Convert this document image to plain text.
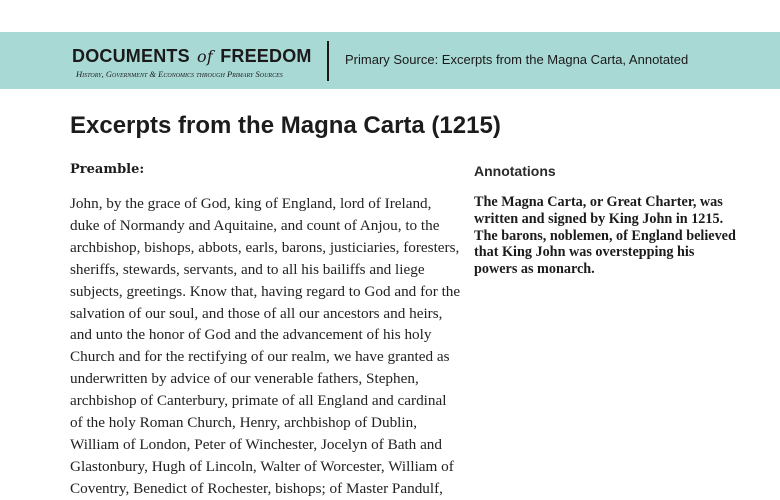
DOCUMENTS of FREEDOM
History, Government & Economics through Primary Sources
Primary Source: Excerpts from the Magna Carta, Annotated
Excerpts from the Magna Carta (1215)
Preamble:

John, by the grace of God, king of England, lord of Ireland, duke of Normandy and Aquitaine, and count of Anjou, to the archbishop, bishops, abbots, earls, barons, justiciaries, foresters, sheriffs, stewards, servants, and to all his bailiffs and liege subjects, greetings. Know that, having regard to God and for the salvation of our soul, and those of all our ancestors and heirs, and unto the honor of God and the advancement of his holy Church and for the rectifying of our realm, we have granted as underwritten by advice of our venerable fathers, Stephen, archbishop of Canterbury, primate of all England and cardinal of the holy Roman Church, Henry, archbishop of Dublin, William of London, Peter of Winchester, Jocelyn of Bath and Glastonbury, Hugh of Lincoln, Walter of Worcester, William of Coventry, Benedict of Rochester, bishops; of Master Pandulf,

Annotations

The Magna Carta, or Great Charter, was written and signed by King John in 1215. The barons, noblemen, of England believed that King John was overstepping his powers as monarch.
